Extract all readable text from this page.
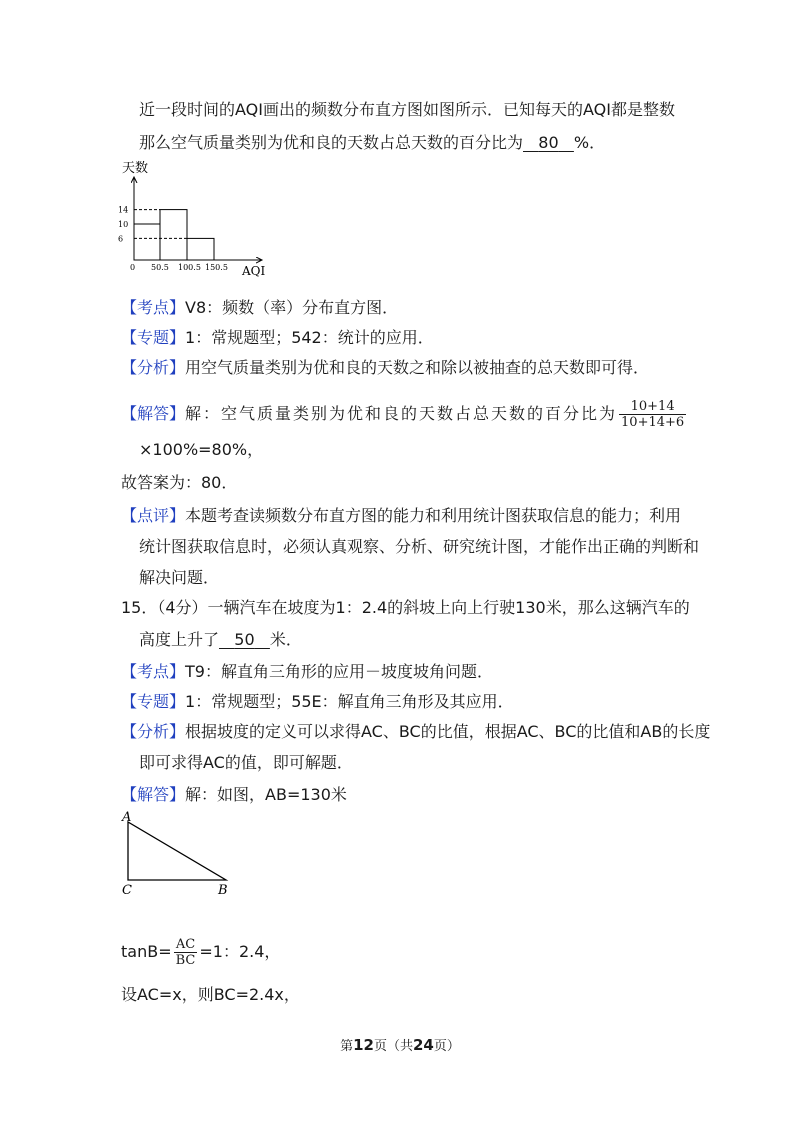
近一段时间的AQI画出的频数分布直方图如图所示．已知每天的AQI都是整数
那么空气质量类别为优和良的天数占总天数的百分比为 80 %．
天数
AQI
14
10
6
0 50.5 100.5 150.5
【考点】V8：频数（率）分布直方图．
【专题】1：常规题型；542：统计的应用．
【分析】用空气质量类别为优和良的天数之和除以被抽查的总天数即可得．
【解答】解：空气质量类别为优和良的天数占总天数的百分比为 $\frac{10+14}{10+14+6}$
×100%=80%，
故答案为：80．
【点评】本题考查读频数分布直方图的能力和利用统计图获取信息的能力；利用
统计图获取信息时，必须认真观察、分析、研究统计图，才能作出正确的判断和
解决问题．
15．（4分）一辆汽车在坡度为1：2.4的斜坡上向上行驶130米，那么这辆汽车的
高度上升了 50 米．
【考点】T9：解直角三角形的应用－坡度坡角问题．
【专题】1：常规题型；55E：解直角三角形及其应用．
【分析】根据坡度的定义可以求得AC、BC的比值，根据AC、BC的比值和AB的长度
即可求得AC的值，即可解题．
【解答】解：如图，AB=130米
A
C	B
$\tan B= \frac{AC}{BC} =1$：2.4，
设AC=x，则BC=2.4x，
第12页（共24页）
